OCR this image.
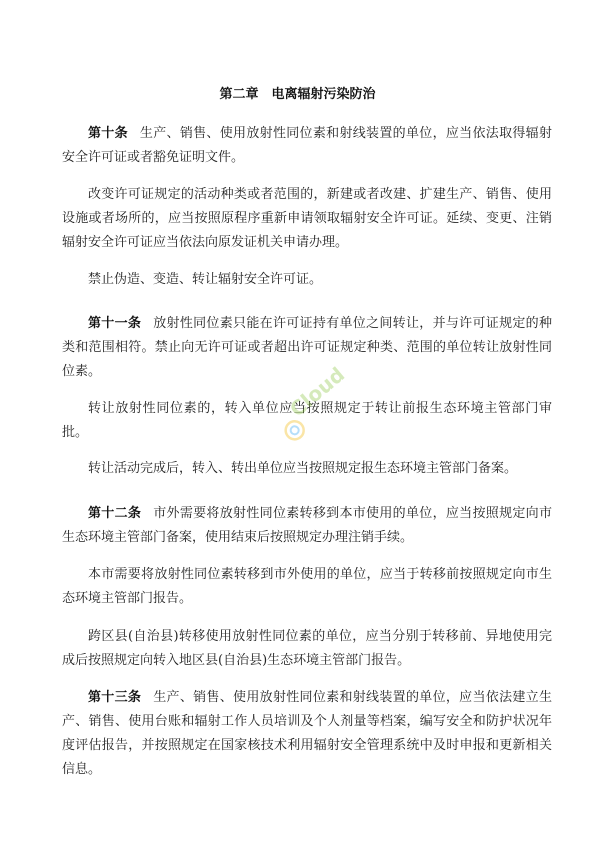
第二章　电离辐射污染防治

第十条 生产、销售、使用放射性同位素和射线装置的单位，应当依法取得辐射安全许可证或者豁免证明文件。

改变许可证规定的活动种类或者范围的，新建或者改建、扩建生产、销售、使用设施或者场所的，应当按照原程序重新申请领取辐射安全许可证。延续、变更、注销辐射安全许可证应当依法向原发证机关申请办理。

禁止伪造、变造、转让辐射安全许可证。

第十一条 放射性同位素只能在许可证持有单位之间转让，并与许可证规定的种类和范围相符。禁止向无许可证或者超出许可证规定种类、范围的单位转让放射性同位素。

转让放射性同位素的，转入单位应当按照规定于转让前报生态环境主管部门审批。

转让活动完成后，转入、转出单位应当按照规定报生态环境主管部门备案。

第十二条 市外需要将放射性同位素转移到本市使用的单位，应当按照规定向市生态环境主管部门备案，使用结束后按照规定办理注销手续。

本市需要将放射性同位素转移到市外使用的单位，应当于转移前按照规定向市生态环境主管部门报告。

跨区县(自治县)转移使用放射性同位素的单位，应当分别于转移前、异地使用完成后按照规定向转入地区县(自治县)生态环境主管部门报告。

第十三条 生产、销售、使用放射性同位素和射线装置的单位，应当依法建立生产、销售、使用台账和辐射工作人员培训及个人剂量等档案，编写安全和防护状况年度评估报告，并按照规定在国家核技术利用辐射安全管理系统中及时申报和更新相关信息。

Cloud
